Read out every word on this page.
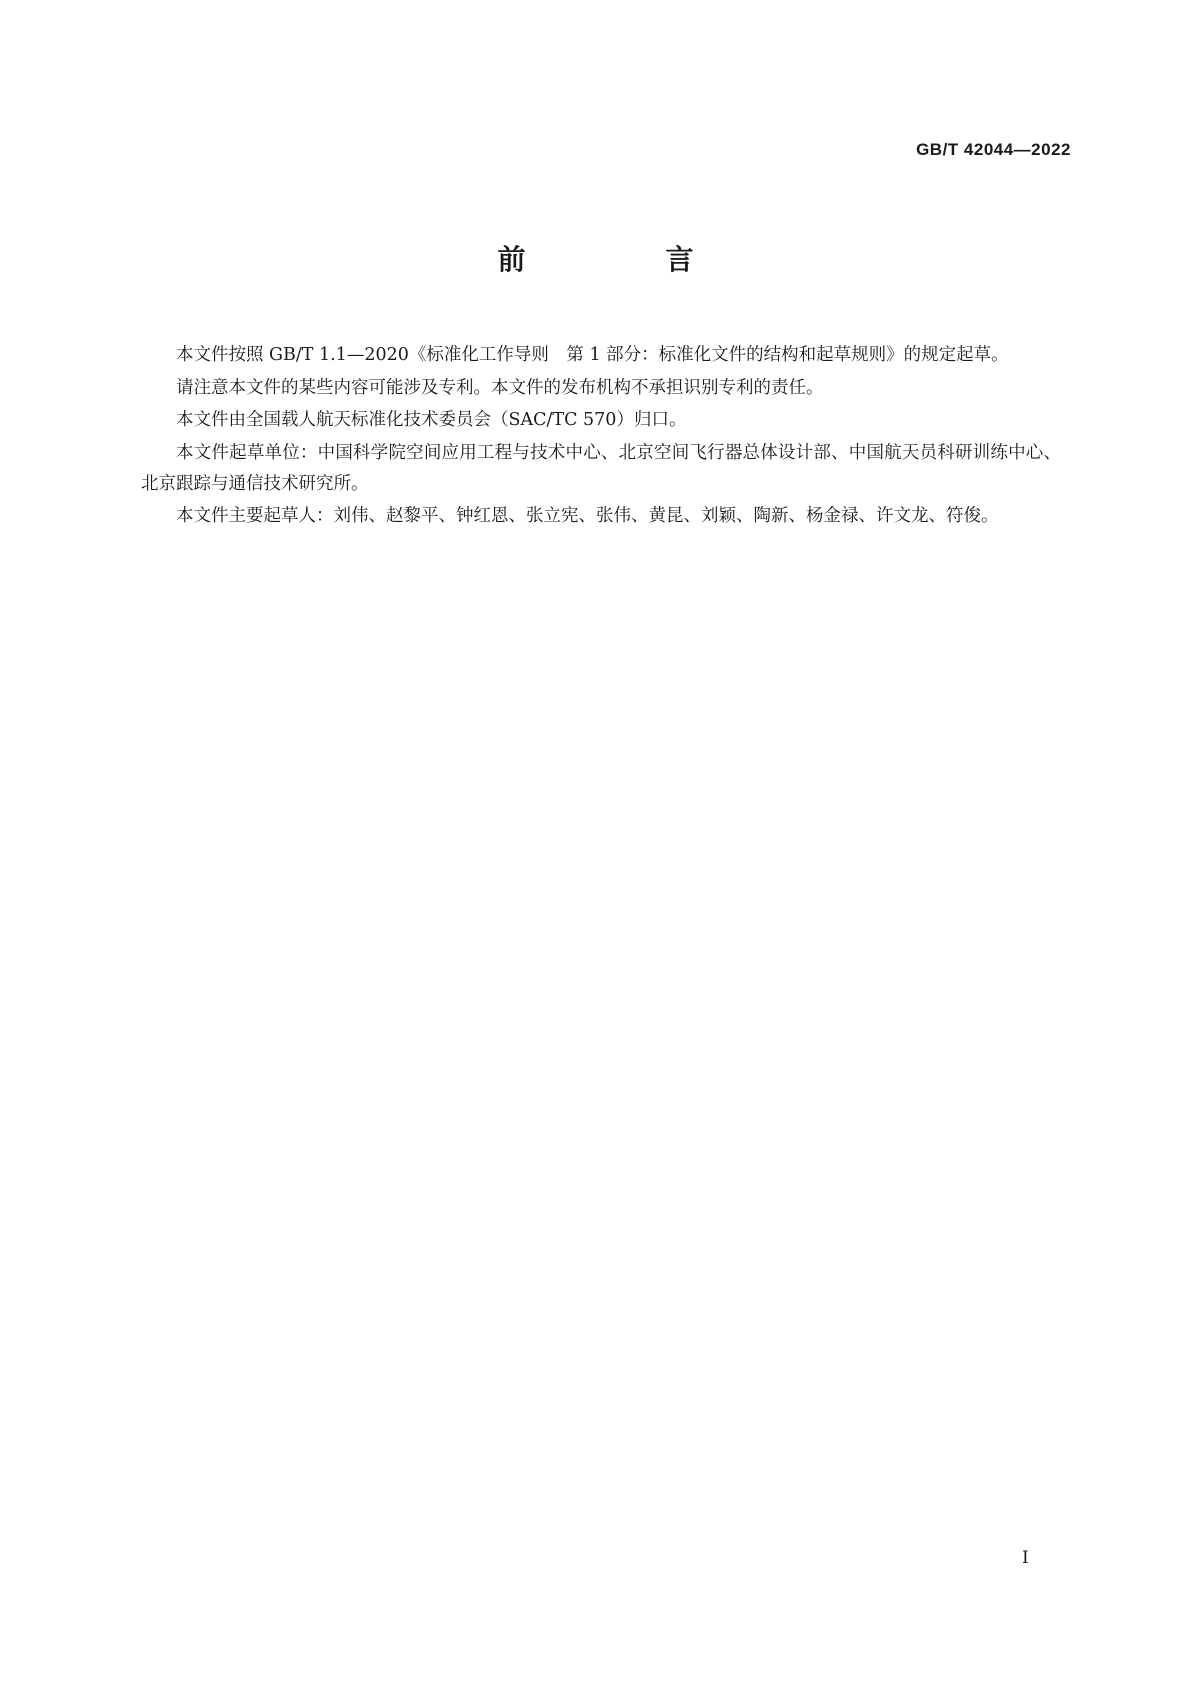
GB/T 42044—2022
前　言

本文件按照 GB/T 1.1—2020《标准化工作导则　第 1 部分：标准化文件的结构和起草规则》的规定起草。

请注意本文件的某些内容可能涉及专利。本文件的发布机构不承担识别专利的责任。

本文件由全国载人航天标准化技术委员会（SAC/TC 570）归口。

本文件起草单位：中国科学院空间应用工程与技术中心、北京空间飞行器总体设计部、中国航天员科研训练中心、北京跟踪与通信技术研究所。

本文件主要起草人：刘伟、赵黎平、钟红恩、张立宪、张伟、黄昆、刘颖、陶新、杨金禄、许文龙、符俊。

I
